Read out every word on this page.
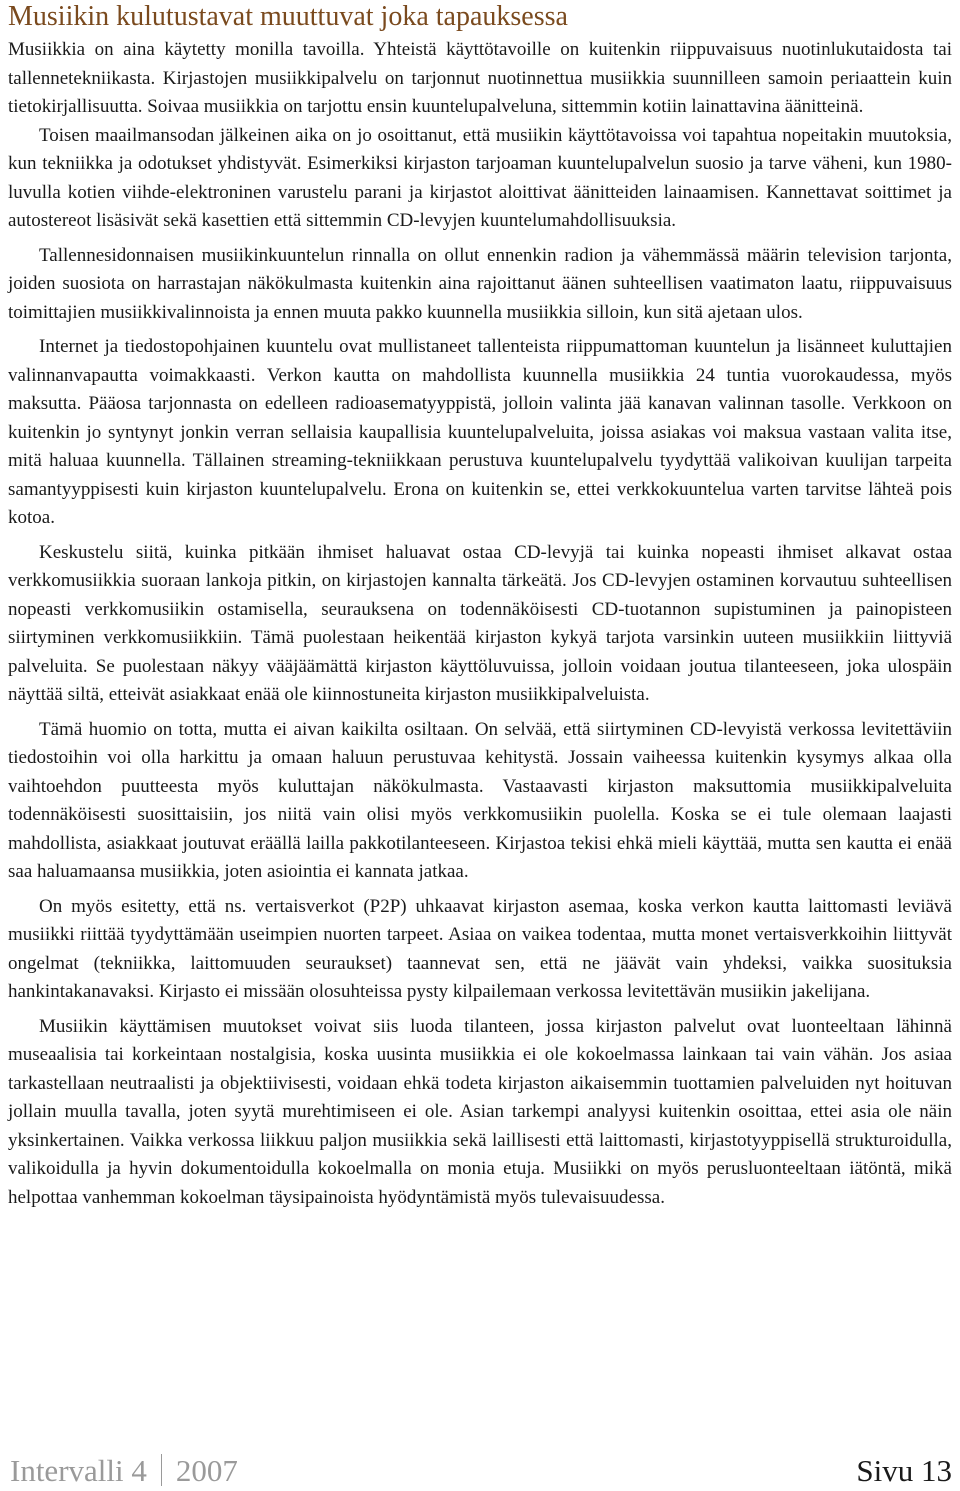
Musiikin kulutustavat muuttuvat joka tapauksessa

Musiikkia on aina käytetty monilla tavoilla. Yhteistä käyttötavoille on kuitenkin riippuvaisuus nuotinlukutaidosta tai tallennetekniikasta. Kirjastojen musiikkipalvelu on tarjonnut nuotinnettua musiikkia suunnilleen samoin periaattein kuin tietokirjallisuutta. Soivaa musiikkia on tarjottu ensin kuuntelupalveluna, sittemmin kotiin lainattavina äänitteinä.

Toisen maailmansodan jälkeinen aika on jo osoittanut, että musiikin käyttötavoissa voi tapahtua nopeitakin muutoksia, kun tekniikka ja odotukset yhdistyvät. Esimerkiksi kirjaston tarjoaman kuuntelupalvelun suosio ja tarve väheni, kun 1980-luvulla kotien viihde-elektroninen varustelu parani ja kirjastot aloittivat äänitteiden lainaamisen. Kannettavat soittimet ja autostereot lisäsivät sekä kasettien että sittemmin CD-levyjen kuuntelumahdollisuuksia.

Tallennesidonnaisen musiikinkuuntelun rinnalla on ollut ennenkin radion ja vähemmässä määrin television tarjonta, joiden suosiota on harrastajan näkökulmasta kuitenkin aina rajoittanut äänen suhteellisen vaatimaton laatu, riippuvaisuus toimittajien musiikkivalinnoista ja ennen muuta pakko kuunnella musiikkia silloin, kun sitä ajetaan ulos.

Internet ja tiedostopohjainen kuuntelu ovat mullistaneet tallenteista riippumattoman kuuntelun ja lisänneet kuluttajien valinnanvapautta voimakkaasti. Verkon kautta on mahdollista kuunnella musiikkia 24 tuntia vuorokaudessa, myös maksutta. Pääosa tarjonnasta on edelleen radioasematyyppistä, jolloin valinta jää kanavan valinnan tasolle. Verkkoon on kuitenkin jo syntynyt jonkin verran sellaisia kaupallisia kuuntelupalveluita, joissa asiakas voi maksua vastaan valita itse, mitä haluaa kuunnella. Tällainen streaming-tekniikkaan perustuva kuuntelupalvelu tyydyttää valikoivan kuulijan tarpeita samantyyppisesti kuin kirjaston kuuntelupalvelu. Erona on kuitenkin se, ettei verkkokuuntelua varten tarvitse lähteä pois kotoa.

Keskustelu siitä, kuinka pitkään ihmiset haluavat ostaa CD-levyjä tai kuinka nopeasti ihmiset alkavat ostaa verkkomusiikkia suoraan lankoja pitkin, on kirjastojen kannalta tärkeätä. Jos CD-levyjen ostaminen korvautuu suhteellisen nopeasti verkkomusiikin ostamisella, seurauksena on todennäköisesti CD-tuotannon supistuminen ja painopisteen siirtyminen verkkomusiikkiin. Tämä puolestaan heikentää kirjaston kykyä tarjota varsinkin uuteen musiikkiin liittyviä palveluita. Se puolestaan näkyy vääjäämättä kirjaston käyttöluvuissa, jolloin voidaan joutua tilanteeseen, joka ulospäin näyttää siltä, etteivät asiakkaat enää ole kiinnostuneita kirjaston musiikkipalveluista.

Tämä huomio on totta, mutta ei aivan kaikilta osiltaan. On selvää, että siirtyminen CD-levyistä verkossa levitettäviin tiedostoihin voi olla harkittu ja omaan haluun perustuvaa kehitystä. Jossain vaiheessa kuitenkin kysymys alkaa olla vaihtoehdon puutteesta myös kuluttajan näkökulmasta. Vastaavasti kirjaston maksuttomia musiikkipalveluita todennäköisesti suosittaisiin, jos niitä vain olisi myös verkkomusiikin puolella. Koska se ei tule olemaan laajasti mahdollista, asiakkaat joutuvat eräällä lailla pakkotilanteeseen. Kirjastoa tekisi ehkä mieli käyttää, mutta sen kautta ei enää saa haluamaansa musiikkia, joten asiointia ei kannata jatkaa.

On myös esitetty, että ns. vertaisverkot (P2P) uhkaavat kirjaston asemaa, koska verkon kautta laittomasti leviävä musiikki riittää tyydyttämään useimpien nuorten tarpeet. Asiaa on vaikea todentaa, mutta monet vertaisverkkoihin liittyvät ongelmat (tekniikka, laittomuuden seuraukset) taannevat sen, että ne jäävät vain yhdeksi, vaikka suosituksia hankintakanavaksi. Kirjasto ei missään olosuhteissa pysty kilpailemaan verkossa levitettävän musiikin jakelijana.

Musiikin käyttämisen muutokset voivat siis luoda tilanteen, jossa kirjaston palvelut ovat luonteeltaan lähinnä museaalisia tai korkeintaan nostalgisia, koska uusinta musiikkia ei ole kokoelmassa lainkaan tai vain vähän. Jos asiaa tarkastellaan neutraalisti ja objektiivisesti, voidaan ehkä todeta kirjaston aikaisemmin tuottamien palveluiden nyt hoituvan jollain muulla tavalla, joten syytä murehtimiseen ei ole. Asian tarkempi analyysi kuitenkin osoittaa, ettei asia ole näin yksinkertainen. Vaikka verkossa liikkuu paljon musiikkia sekä laillisesti että laittomasti, kirjastotyyppisellä strukturoidulla, valikoidulla ja hyvin dokumentoidulla kokoelmalla on monia etuja. Musiikki on myös perusluonteeltaan iätöntä, mikä helpottaa vanhemman kokoelman täysipainoista hyödyntämistä myös tulevaisuudessa.

Intervalli 4 2007	Sivu 13
